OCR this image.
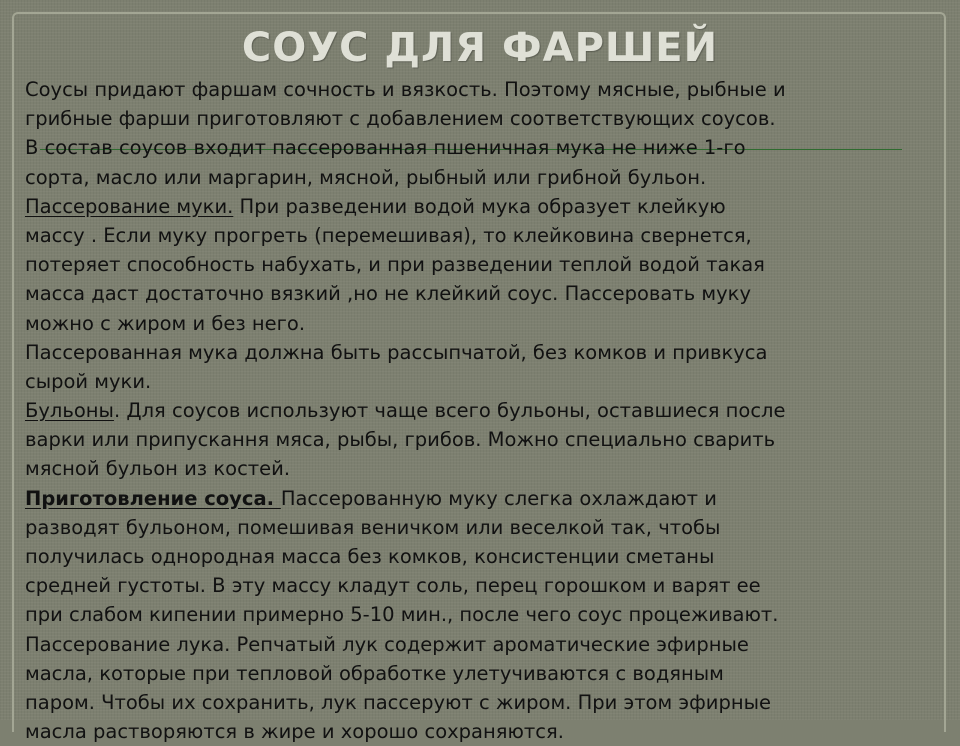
СОУС ДЛЯ ФАРШЕЙ
Соусы придают фаршам сочность и вязкость. Поэтому мясные, рыбные и
грибные фарши приготовляют с добавлением соответствующих соусов.
В состав соусов входит пассерованная пшеничная мука не ниже 1-го
сорта, масло или маргарин, мясной, рыбный или грибной бульон.
Пассерование муки. При разведении водой мука образует клейкую
массу . Если муку прогреть (перемешивая), то клейковина свернется,
потеряет способность набухать, и при разведении теплой водой такая
масса даст достаточно вязкий ,но не клейкий соус. Пассеровать муку
можно с жиром и без него.
Пассерованная мука должна быть рассыпчатой, без комков и привкуса
сырой муки.
Бульоны. Для соусов используют чаще всего бульоны, оставшиеся после
варки или припускання мяса, рыбы, грибов. Можно специально сварить
мясной бульон из костей.
Приготовление соуса. Пассерованную муку слегка охлаждают и
разводят бульоном, помешивая веничком или веселкой так, чтобы
получилась однородная масса без комков, консистенции сметаны
средней густоты. В эту массу кладут соль, перец горошком и варят ее
при слабом кипении примерно 5-10 мин., после чего соус процеживают.
Пассерование лука. Репчатый лук содержит ароматические эфирные
масла, которые при тепловой обработке улетучиваются с водяным
паром. Чтобы их сохранить, лук пассеруют с жиром. При этом эфирные
масла растворяются в жире и хорошо сохраняются.
